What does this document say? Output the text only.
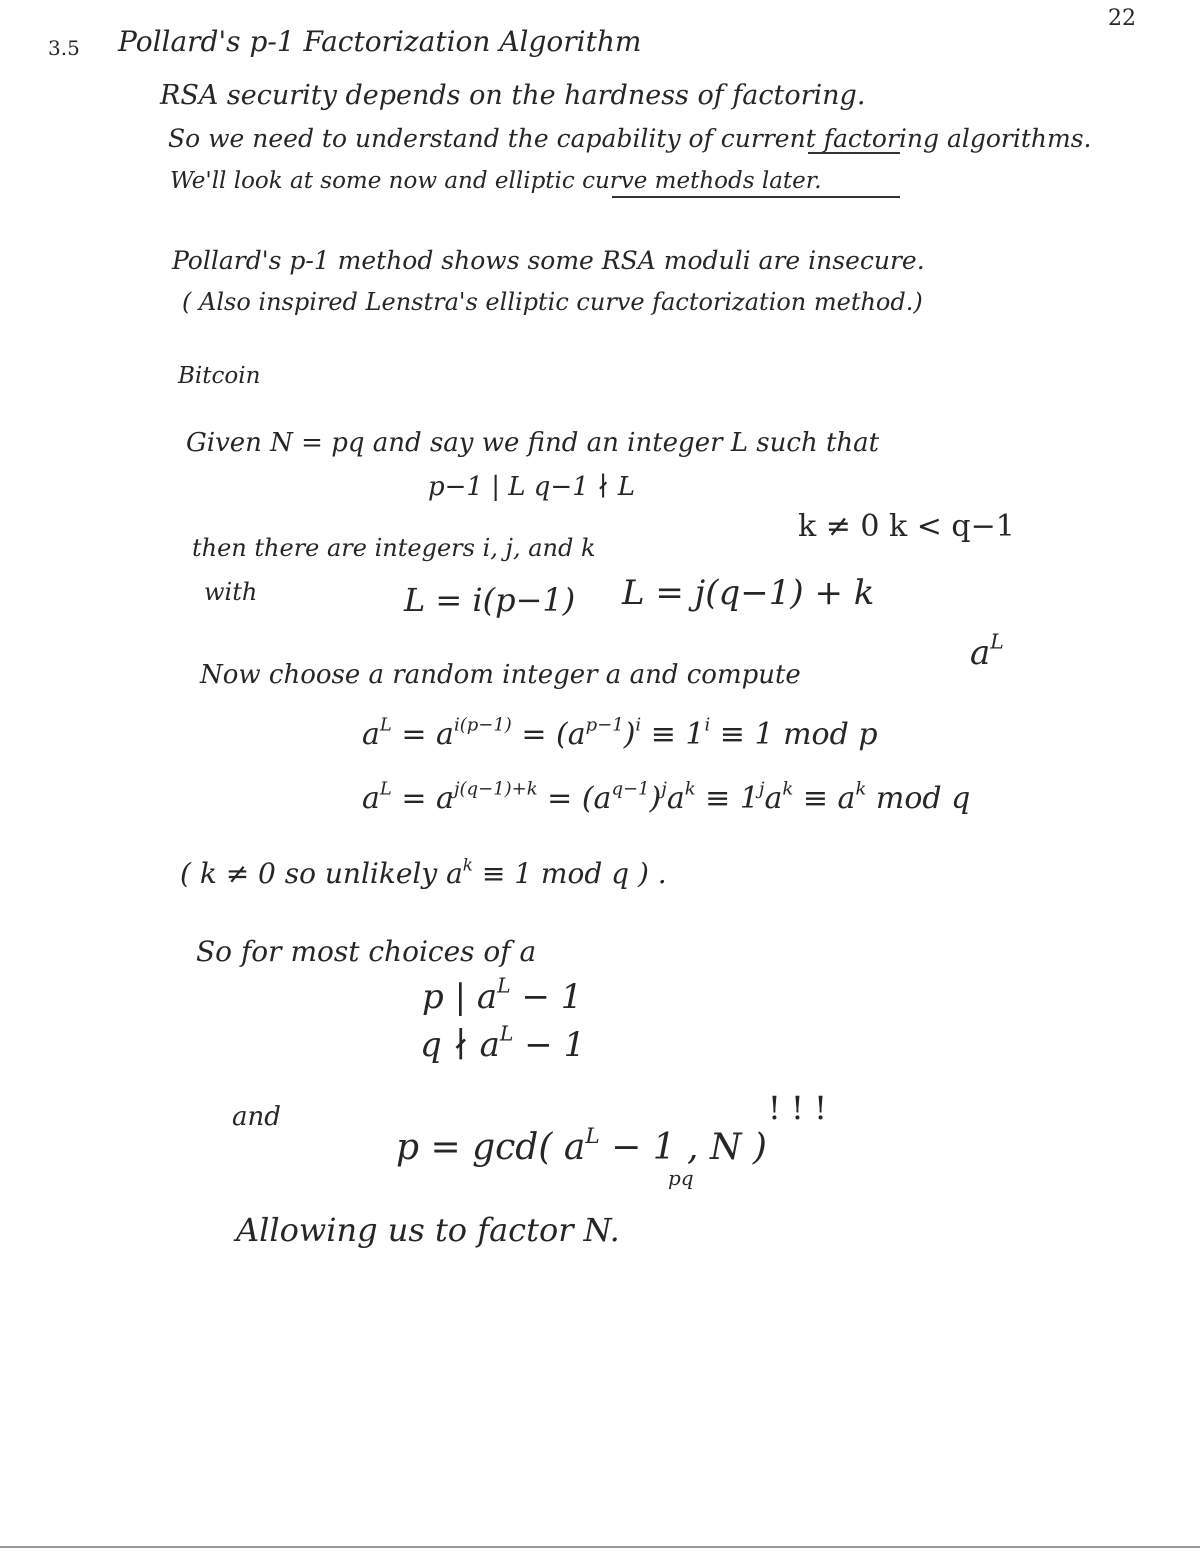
22
3.5 Pollard's p-1 Factorization Algorithm
RSA security depends on the hardness of factoring.
So we need to understand the capability of current factoring algorithms.
We'll look at some now and elliptic curve methods later.
Pollard's p-1 method shows some RSA moduli are insecure.
( Also inspired Lenstra's elliptic curve factorization method.)
Bitcoin
Given N = pq and say we find an integer L such that
p−1 | L q−1 ∤ L
then there are integers i, j, and k
k ≠ 0 k < q−1
with	L = i(p−1) L = j(q−1) + k
Now choose a random integer a and compute
$a^L$
$a^L = a^{i(p-1)} = (a^{p-1})^i \equiv 1^i \equiv 1$ mod p
$a^L = a^{j(q-1)+k} = (a^{q-1})^ja^k \equiv 1^ja^k \equiv a^k$ mod q
( k ≠ 0 so unlikely $a^k \equiv 1$ mod q ) .
So for most choices of a
p | $a^L - 1$
q ∤ $a^L - 1$
and
p = gcd( $a^L - 1$ , N )
! ! !
pq
Allowing us to factor N.
